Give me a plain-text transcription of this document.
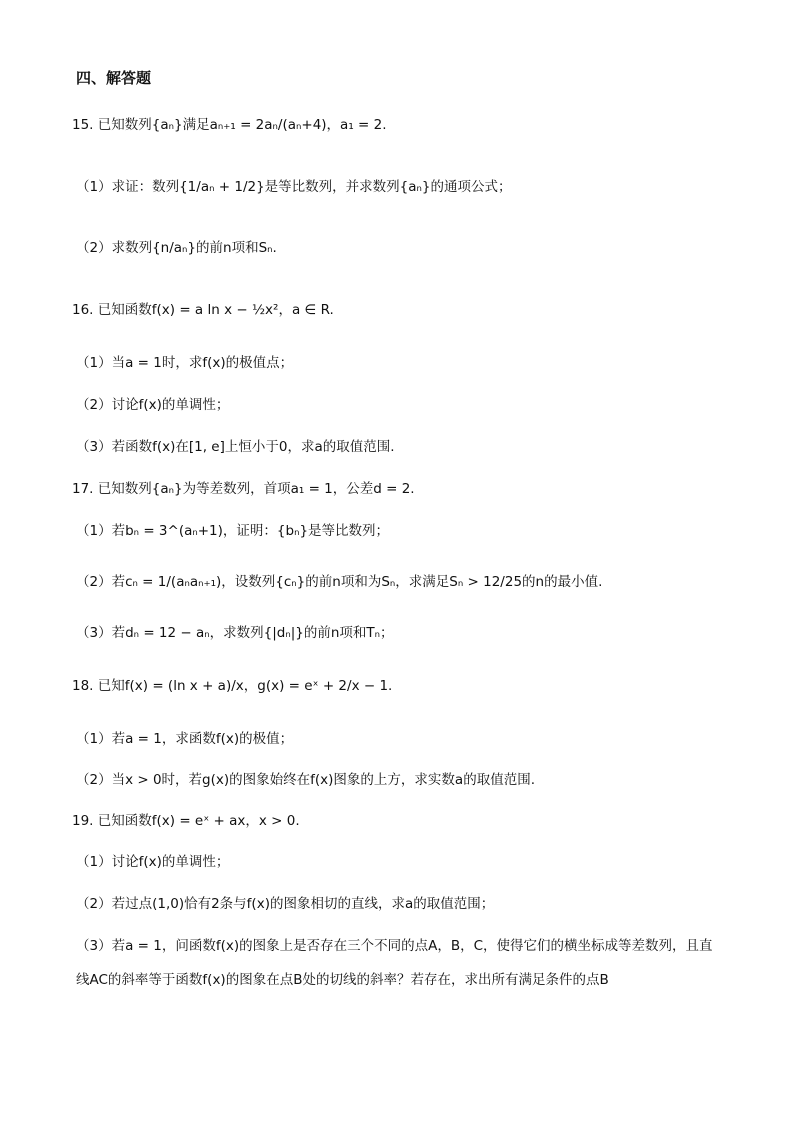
四、解答题
15. 已知数列{aₙ}满足aₙ₊₁ = 2aₙ/(aₙ+4)，a₁ = 2.
（1）求证：数列{1/aₙ + 1/2}是等比数列，并求数列{aₙ}的通项公式；
（2）求数列{n/aₙ}的前n项和Sₙ.
16. 已知函数f(x) = a ln x − ½x²，a ∈ R.
（1）当a = 1时，求f(x)的极值点；
（2）讨论f(x)的单调性；
（3）若函数f(x)在[1, e]上恒小于0，求a的取值范围.
17. 已知数列{aₙ}为等差数列，首项a₁ = 1，公差d = 2.
（1）若bₙ = 3^(aₙ+1)，证明：{bₙ}是等比数列；
（2）若cₙ = 1/(aₙaₙ₊₁)，设数列{cₙ}的前n项和为Sₙ，求满足Sₙ > 12/25的n的最小值.
（3）若dₙ = 12 − aₙ，求数列{|dₙ|}的前n项和Tₙ；
18. 已知f(x) = (ln x + a)/x，g(x) = eˣ + 2/x − 1.
（1）若a = 1，求函数f(x)的极值；
（2）当x > 0时，若g(x)的图象始终在f(x)图象的上方，求实数a的取值范围.
19. 已知函数f(x) = eˣ + ax，x > 0.
（1）讨论f(x)的单调性；
（2）若过点(1,0)恰有2条与f(x)的图象相切的直线，求a的取值范围；
（3）若a = 1，问函数f(x)的图象上是否存在三个不同的点A，B，C，使得它们的横坐标成等差数列，且直线AC的斜率等于函数f(x)的图象在点B处的切线的斜率？若存在，求出所有满足条件的点B
